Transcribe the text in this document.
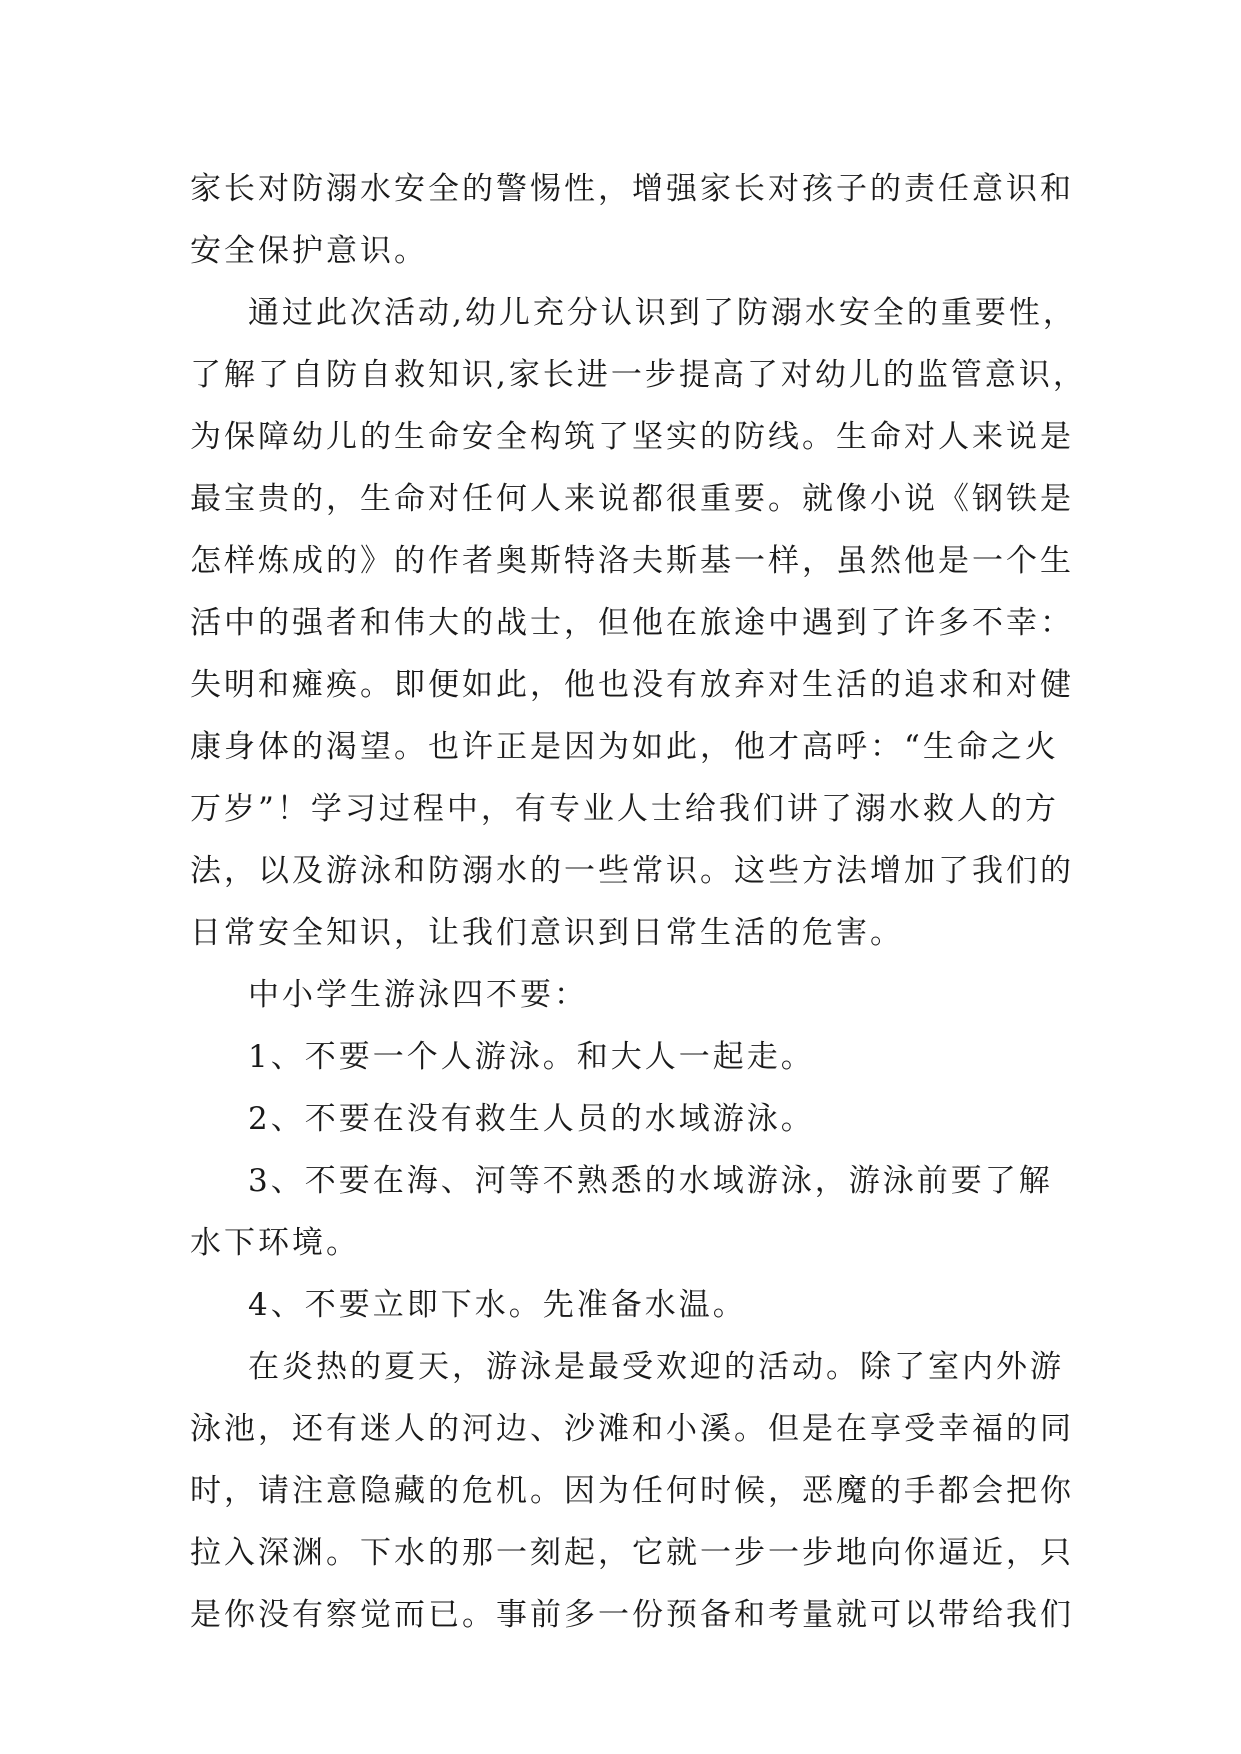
家长对防溺水安全的警惕性，增强家长对孩子的责任意识和
安全保护意识。
通过此次活动,幼儿充分认识到了防溺水安全的重要性，
了解了自防自救知识,家长进一步提高了对幼儿的监管意识，
为保障幼儿的生命安全构筑了坚实的防线。生命对人来说是
最宝贵的，生命对任何人来说都很重要。就像小说《钢铁是
怎样炼成的》的作者奥斯特洛夫斯基一样，虽然他是一个生
活中的强者和伟大的战士，但他在旅途中遇到了许多不幸：
失明和瘫痪。即便如此，他也没有放弃对生活的追求和对健
康身体的渴望。也许正是因为如此，他才高呼：“生命之火
万岁”！学习过程中，有专业人士给我们讲了溺水救人的方
法，以及游泳和防溺水的一些常识。这些方法增加了我们的
日常安全知识，让我们意识到日常生活的危害。
中小学生游泳四不要：
1、不要一个人游泳。和大人一起走。
2、不要在没有救生人员的水域游泳。
3、不要在海、河等不熟悉的水域游泳，游泳前要了解
水下环境。
4、不要立即下水。先准备水温。
在炎热的夏天，游泳是最受欢迎的活动。除了室内外游
泳池，还有迷人的河边、沙滩和小溪。但是在享受幸福的同
时，请注意隐藏的危机。因为任何时候，恶魔的手都会把你
拉入深渊。下水的那一刻起，它就一步一步地向你逼近，只
是你没有察觉而已。事前多一份预备和考量就可以带给我们
